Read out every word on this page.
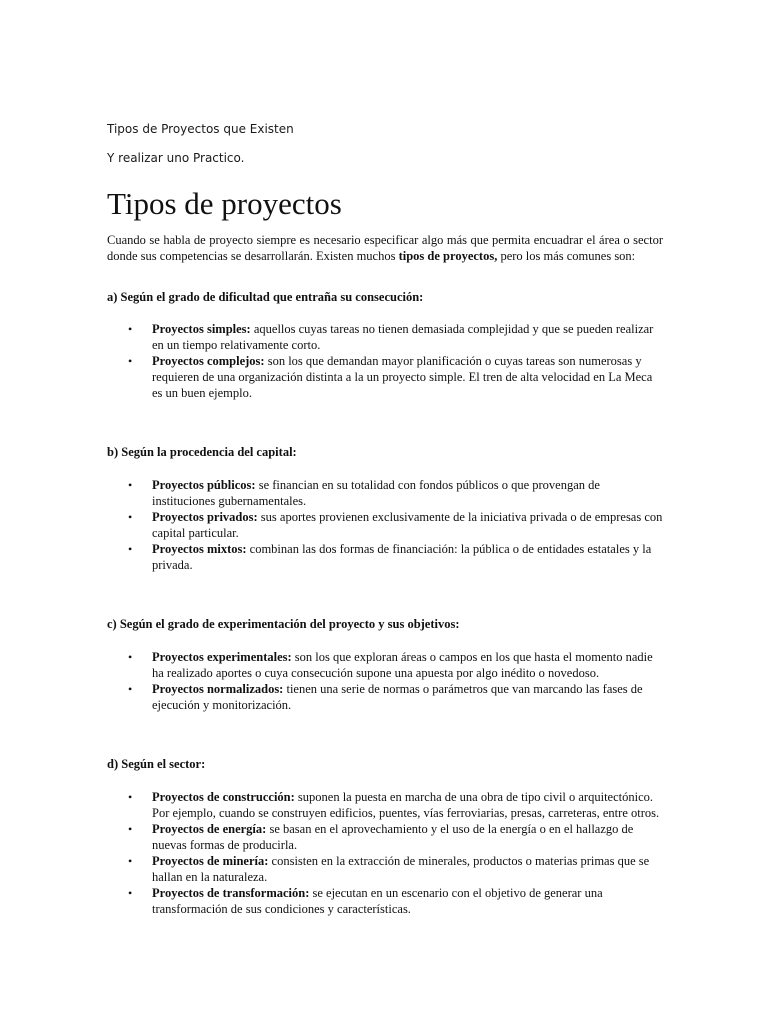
Tipos de Proyectos que Existen

Y realizar uno Practico.

Tipos de proyectos

Cuando se habla de proyecto siempre es necesario especificar algo más que permita encuadrar el área o sector donde sus competencias se desarrollarán. Existen muchos tipos de proyectos, pero los más comunes son:

a) Según el grado de dificultad que entraña su consecución:

• Proyectos simples: aquellos cuyas tareas no tienen demasiada complejidad y que se pueden realizar en un tiempo relativamente corto.
• Proyectos complejos: son los que demandan mayor planificación o cuyas tareas son numerosas y requieren de una organización distinta a la un proyecto simple. El tren de alta velocidad en La Meca es un buen ejemplo.

b) Según la procedencia del capital:

• Proyectos públicos: se financian en su totalidad con fondos públicos o que provengan de instituciones gubernamentales.
• Proyectos privados: sus aportes provienen exclusivamente de la iniciativa privada o de empresas con capital particular.
• Proyectos mixtos: combinan las dos formas de financiación: la pública o de entidades estatales y la privada.

c) Según el grado de experimentación del proyecto y sus objetivos:

• Proyectos experimentales: son los que exploran áreas o campos en los que hasta el momento nadie ha realizado aportes o cuya consecución supone una apuesta por algo inédito o novedoso.
• Proyectos normalizados: tienen una serie de normas o parámetros que van marcando las fases de ejecución y monitorización.

d) Según el sector:

• Proyectos de construcción: suponen la puesta en marcha de una obra de tipo civil o arquitectónico. Por ejemplo, cuando se construyen edificios, puentes, vías ferroviarias, presas, carreteras, entre otros.
• Proyectos de energía: se basan en el aprovechamiento y el uso de la energía o en el hallazgo de nuevas formas de producirla.
• Proyectos de minería: consisten en la extracción de minerales, productos o materias primas que se hallan en la naturaleza.
• Proyectos de transformación: se ejecutan en un escenario con el objetivo de generar una transformación de sus condiciones y características.
